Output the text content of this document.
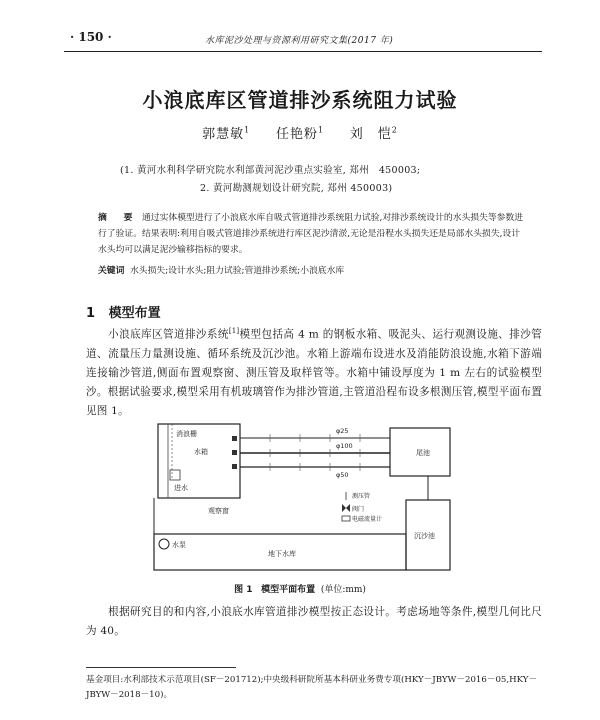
· 150 ·	水库泥沙处理与资源利用研究文集(2017 年)
小浪底库区管道排沙系统阻力试验
郭慧敏$^1$ 任艳粉$^1$ 刘　恺$^2$
(1. 黄河水利科学研究院水利部黄河泥沙重点实验室, 郑州　450003;
2. 黄河勘测规划设计研究院, 郑州 450003)
摘　要 通过实体模型进行了小浪底水库自吸式管道排沙系统阻力试验,对排沙系统设计的水头损失等参数进行了验证。结果表明:利用自吸式管道排沙系统进行库区泥沙清淤,无论是沿程水头损失还是局部水头损失,设计水头均可以满足泥沙输移指标的要求。
关键词 水头损失;设计水头;阻力试验;管道排沙系统;小浪底水库
1 模型布置
小浪底库区管道排沙系统[1]模型包括高 4 m 的钢板水箱、吸泥头、运行观测设施、排沙管道、流量压力量测设施、循环系统及沉沙池。水箱上游端布设进水及消能防浪设施,水箱下游端连接输沙管道,侧面布置观察窗、测压管及取样管等。水箱中铺设厚度为 1 m 左右的试验模型沙。根据试验要求,模型采用有机玻璃管作为排沙管道,主管道沿程布设多根测压管,模型平面布置见图 1。
消浪栅
水箱
进水
观察窗
φ25
φ100
φ50
尾池
沉沙池
测压管
阀门
电磁流量计
水泵
地下水库
图 1 模型平面布置 (单位:mm)
根据研究目的和内容,小浪底水库管道排沙模型按正态设计。考虑场地等条件,模型几何比尺为 40。
基金项目:水利部技术示范项目(SF－201712);中央级科研院所基本科研业务费专项(HKY－JBYW－2016－05,HKY－JBYW－2018－10)。
